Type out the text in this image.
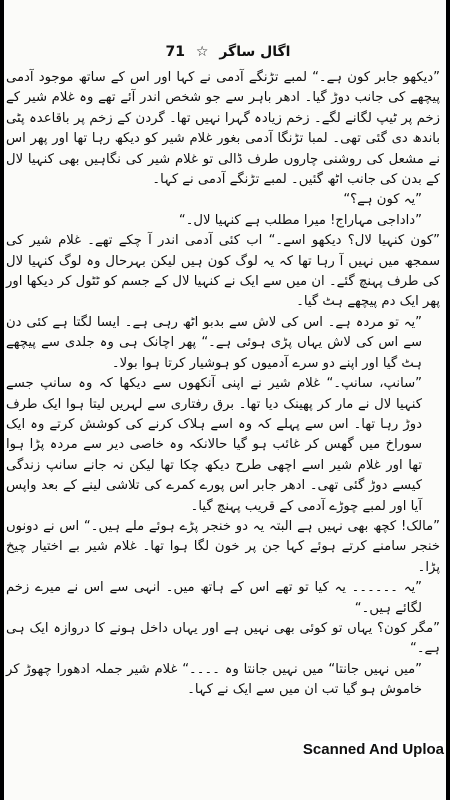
اگال ساگر ☆ 71

”دیکھو جابر کون ہے۔“ لمبے تڑنگے آدمی نے کہا اور اس کے ساتھ موجود آدمی پیچھے کی جانب دوڑ گیا۔ ادھر باہر سے جو شخص اندر آئے تھے وہ غلام شیر کے زخم پر ٹیپ لگانے لگے۔ زخم زیادہ گہرا نہیں تھا۔ گردن کے زخم پر باقاعدہ پٹی باندھ دی گئی تھی۔ لمبا تڑنگا آدمی بغور غلام شیر کو دیکھ رہا تھا اور پھر اس نے مشعل کی روشنی چاروں طرف ڈالی تو غلام شیر کی نگاہیں بھی کنہیا لال کے بدن کی جانب اٹھ گئیں۔ لمبے تڑنگے آدمی نے کہا۔

”یہ کون ہے؟“

”داداجی مہاراج! میرا مطلب ہے کنہیا لال۔“

”کون کنہیا لال؟ دیکھو اسے۔“ اب کئی آدمی اندر آ چکے تھے۔ غلام شیر کی سمجھ میں نہیں آ رہا تھا کہ یہ لوگ کون ہیں لیکن بہرحال وہ لوگ کنہیا لال کی طرف پہنچ گئے۔ ان میں سے ایک نے کنہیا لال کے جسم کو ٹٹول کر دیکھا اور پھر ایک دم پیچھے ہٹ گیا۔

”یہ تو مردہ ہے۔ اس کی لاش سے بدبو اٹھ رہی ہے۔ ایسا لگتا ہے کئی دن سے اس کی لاش یہاں پڑی ہوئی ہے۔“ پھر اچانک ہی وہ جلدی سے پیچھے ہٹ گیا اور اپنے دو سرے آدمیوں کو ہوشیار کرتا ہوا بولا۔

”سانپ، سانپ۔“ غلام شیر نے اپنی آنکھوں سے دیکھا کہ وہ سانپ جسے کنہیا لال نے مار کر پھینک دیا تھا۔ برق رفتاری سے لہریں لیتا ہوا ایک طرف دوڑ رہا تھا۔ اس سے پہلے کہ وہ اسے ہلاک کرنے کی کوشش کرتے وہ ایک سوراخ میں گھس کر غائب ہو گیا حالانکہ وہ خاصی دیر سے مردہ پڑا ہوا تھا اور غلام شیر اسے اچھی طرح دیکھ چکا تھا لیکن نہ جانے سانپ زندگی کیسے دوڑ گئی تھی۔ ادھر جابر اس پورے کمرے کی تلاشی لینے کے بعد واپس آیا اور لمبے چوڑے آدمی کے قریب پہنچ گیا۔

”مالک! کچھ بھی نہیں ہے البتہ یہ دو خنجر پڑے ہوئے ملے ہیں۔“ اس نے دونوں خنجر سامنے کرتے ہوئے کہا جن پر خون لگا ہوا تھا۔ غلام شیر بے اختیار چیخ پڑا۔

”یہ ۔۔۔۔۔۔ یہ کیا تو تھے اس کے ہاتھ میں۔ انہی سے اس نے میرے زخم لگائے ہیں۔“

”مگر کون؟ یہاں تو کوئی بھی نہیں ہے اور یہاں داخل ہونے کا دروازہ ایک ہی ہے۔“

”میں نہیں جانتا“ میں نہیں جانتا وہ ۔۔۔۔“ غلام شیر جملہ ادھورا چھوڑ کر خاموش ہو گیا تب ان میں سے ایک نے کہا۔

Scanned And Uploa
